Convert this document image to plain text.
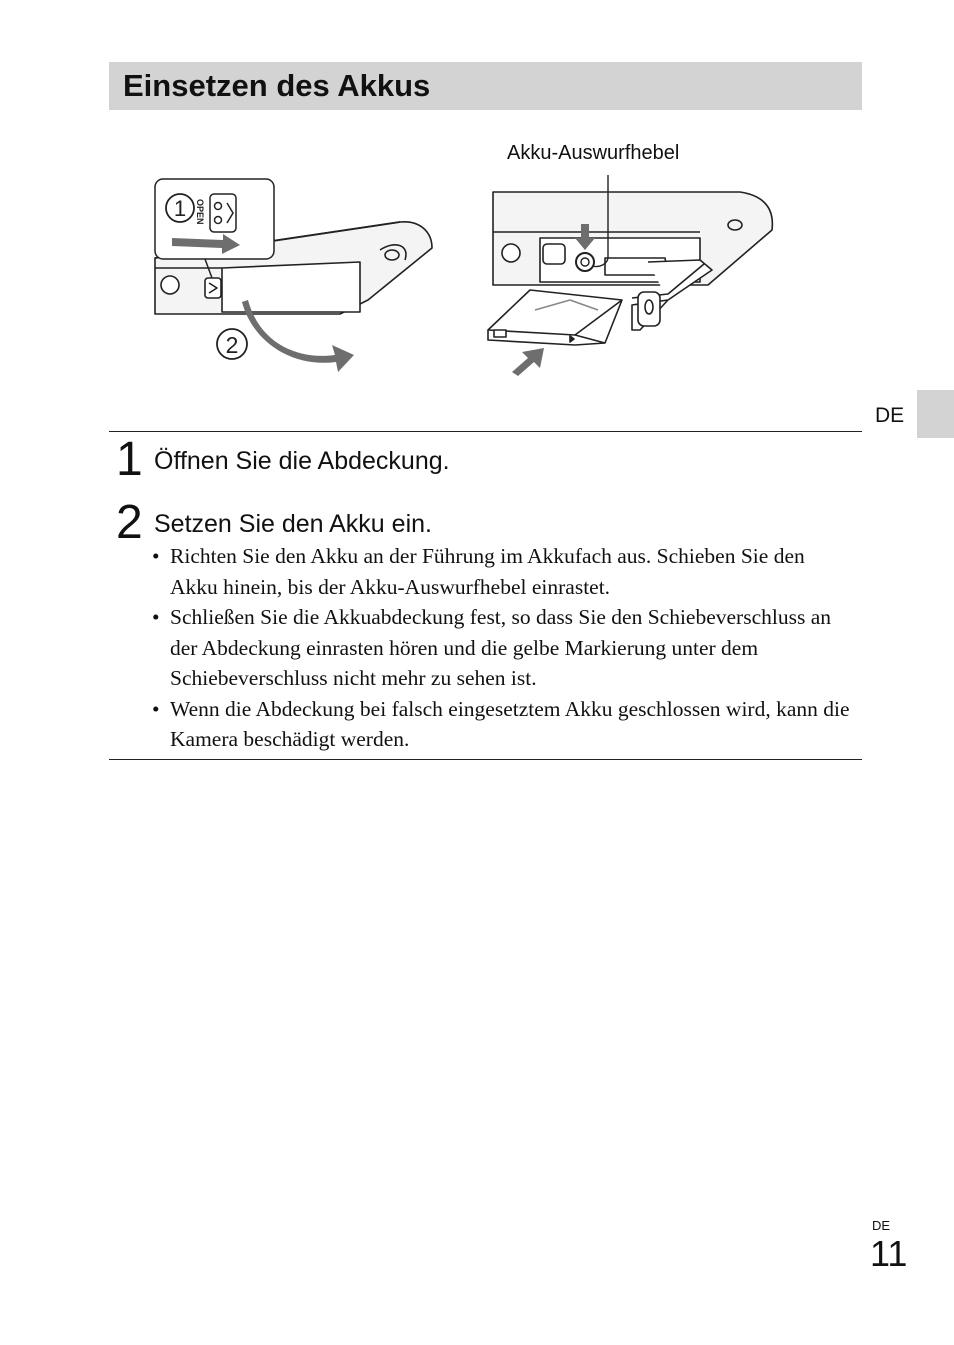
Einsetzen des Akkus
Akku-Auswurfhebel
OPEN
1
2
DE
1 Öffnen Sie die Abdeckung.
2 Setzen Sie den Akku ein.
• Richten Sie den Akku an der Führung im Akkufach aus. Schieben Sie den Akku hinein, bis der Akku-Auswurfhebel einrastet.
• Schließen Sie die Akkuabdeckung fest, so dass Sie den Schiebeverschluss an der Abdeckung einrasten hören und die gelbe Markierung unter dem Schiebeverschluss nicht mehr zu sehen ist.
• Wenn die Abdeckung bei falsch eingesetztem Akku geschlossen wird, kann die Kamera beschädigt werden.
DE
11
